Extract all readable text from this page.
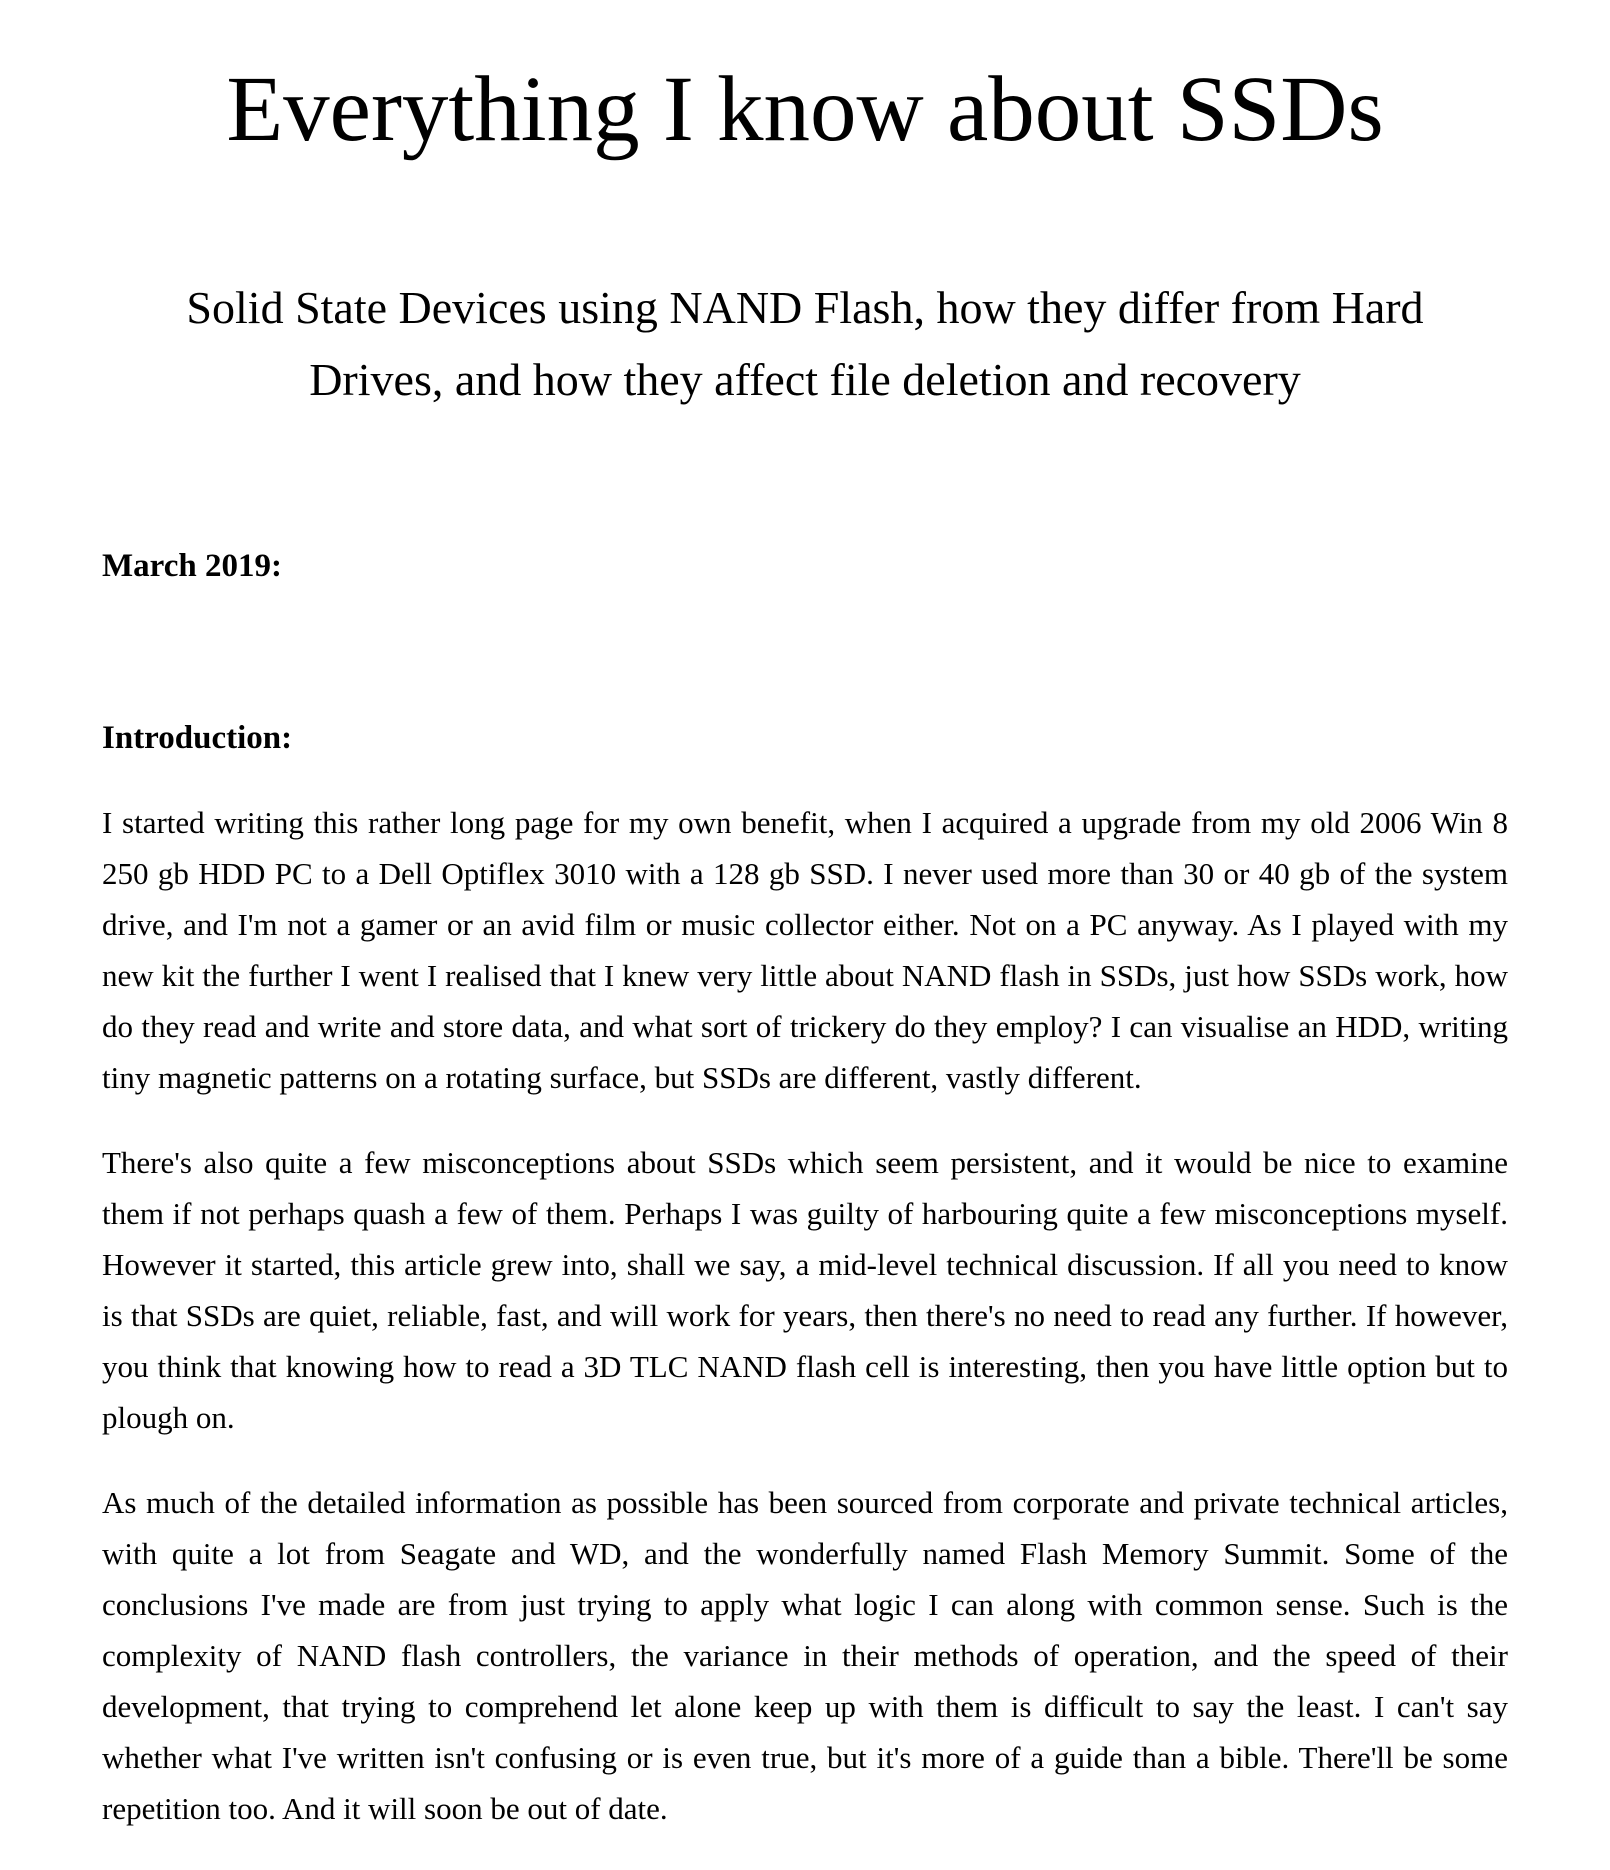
Everything I know about SSDs
Solid State Devices using NAND Flash, how they differ from Hard Drives, and how they affect file deletion and recovery
March 2019:
Introduction:

I started writing this rather long page for my own benefit, when I acquired a upgrade from my old 2006 Win 8 250 gb HDD PC to a Dell Optiflex 3010 with a 128 gb SSD. I never used more than 30 or 40 gb of the system drive, and I'm not a gamer or an avid film or music collector either. Not on a PC anyway. As I played with my new kit the further I went I realised that I knew very little about NAND flash in SSDs, just how SSDs work, how do they read and write and store data, and what sort of trickery do they employ? I can visualise an HDD, writing tiny magnetic patterns on a rotating surface, but SSDs are different, vastly different.

There's also quite a few misconceptions about SSDs which seem persistent, and it would be nice to examine them if not perhaps quash a few of them. Perhaps I was guilty of harbouring quite a few misconceptions myself. However it started, this article grew into, shall we say, a mid-level technical discussion. If all you need to know is that SSDs are quiet, reliable, fast, and will work for years, then there's no need to read any further. If however, you think that knowing how to read a 3D TLC NAND flash cell is interesting, then you have little option but to plough on.

As much of the detailed information as possible has been sourced from corporate and private technical articles, with quite a lot from Seagate and WD, and the wonderfully named Flash Memory Summit. Some of the conclusions I've made are from just trying to apply what logic I can along with common sense. Such is the complexity of NAND flash controllers, the variance in their methods of operation, and the speed of their development, that trying to comprehend let alone keep up with them is difficult to say the least. I can't say whether what I've written isn't confusing or is even true, but it's more of a guide than a bible. There'll be some repetition too. And it will soon be out of date.
